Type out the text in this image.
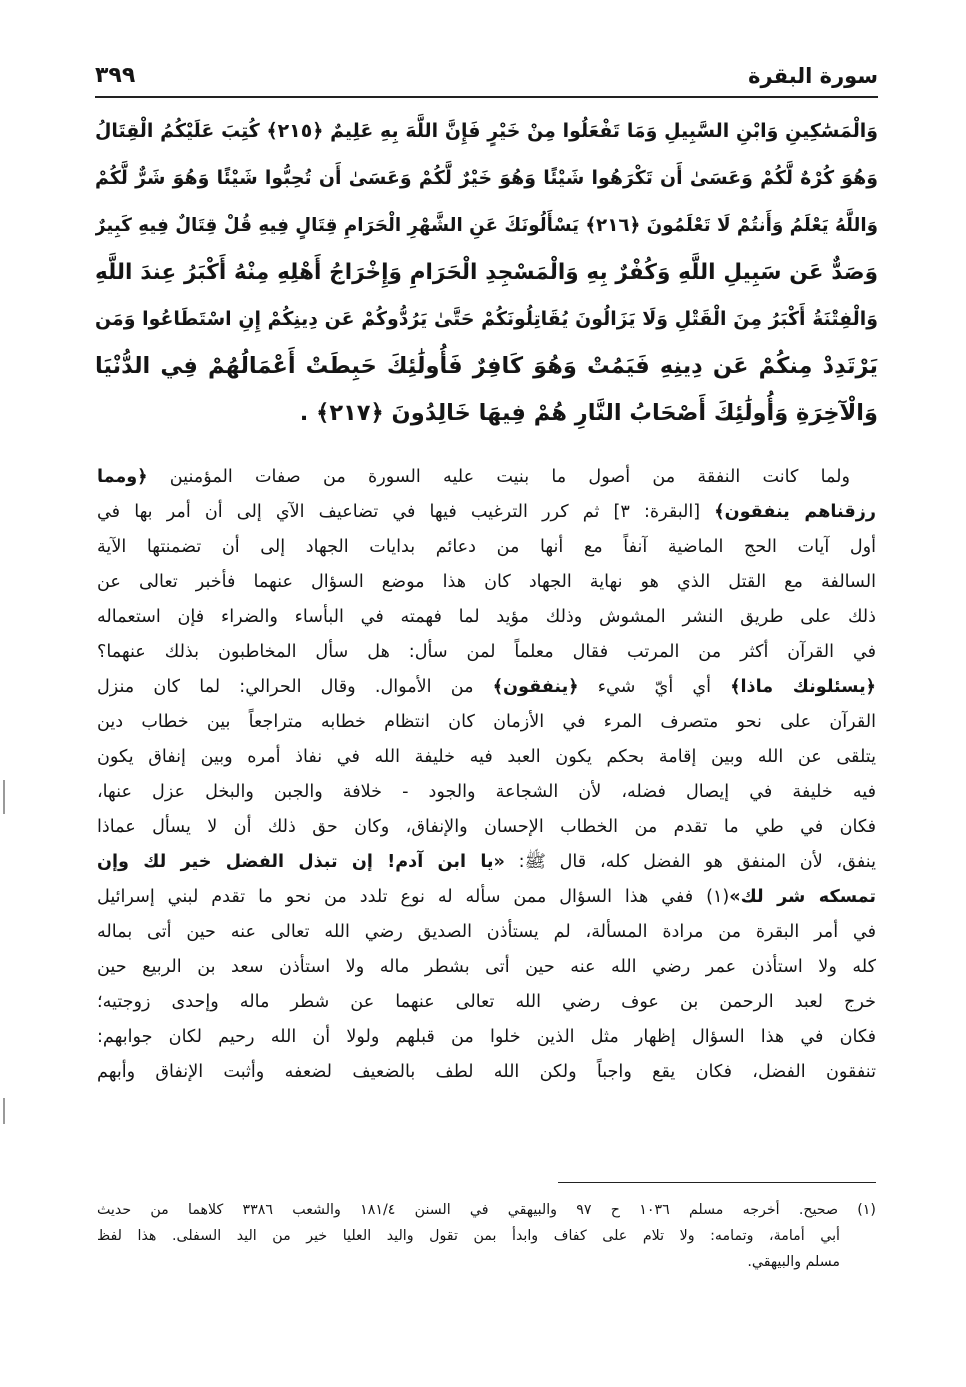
٣٩٩	سورة البقرة
وَالْمَسَٰكِينِ وَابْنِ السَّبِيلِ وَمَا تَفْعَلُوا مِنْ خَيْرٍ فَإِنَّ اللَّهَ بِهِ عَلِيمٌ ﴿٢١٥﴾ كُتِبَ عَلَيْكُمُ الْقِتَالُ
وَهُوَ كُرْهٌ لَّكُمْ وَعَسَىٰ أَن تَكْرَهُوا شَيْئًا وَهُوَ خَيْرٌ لَّكُمْ وَعَسَىٰ أَن تُحِبُّوا شَيْئًا وَهُوَ شَرٌّ لَّكُمْ
وَاللَّهُ يَعْلَمُ وَأَنتُمْ لَا تَعْلَمُونَ ﴿٢١٦﴾ يَسْأَلُونَكَ عَنِ الشَّهْرِ الْحَرَامِ قِتَالٍ فِيهِ قُلْ قِتَالٌ فِيهِ كَبِيرٌ
وَصَدٌّ عَن سَبِيلِ اللَّهِ وَكُفْرٌ بِهِ وَالْمَسْجِدِ الْحَرَامِ وَإِخْرَاجُ أَهْلِهِ مِنْهُ أَكْبَرُ عِندَ اللَّهِ
وَالْفِتْنَةُ أَكْبَرُ مِنَ الْقَتْلِ وَلَا يَزَالُونَ يُقَاتِلُونَكُمْ حَتَّىٰ يَرُدُّوكُمْ عَن دِينِكُمْ إِنِ اسْتَطَاعُوا وَمَن
يَرْتَدِدْ مِنكُمْ عَن دِينِهِ فَيَمُتْ وَهُوَ كَافِرٌ فَأُولَٰئِكَ حَبِطَتْ أَعْمَالُهُمْ فِي الدُّنْيَا
وَالْآخِرَةِ وَأُولَٰئِكَ أَصْحَابُ النَّارِ هُمْ فِيهَا خَالِدُونَ ﴿٢١٧﴾ .
ولما كانت النفقة من أصول ما بنيت عليه السورة من صفات المؤمنين ﴿ومما
رزقناهم ينفقون﴾ [البقرة: ٣] ثم كرر الترغيب فيها في تضاعيف الآي إلى أن أمر بها في
أول آيات الحج الماضية آنفاً مع أنها من دعائم بدايات الجهاد إلى أن تضمنتها الآية
السالفة مع القتل الذي هو نهاية الجهاد كان هذا موضع السؤال عنهما فأخبر تعالى عن
ذلك على طريق النشر المشوش وذلك مؤيد لما فهمته في البأساء والضراء فإن استعماله
في القرآن أكثر من المرتب فقال معلماً لمن سأل: هل سأل المخاطبون بذلك عنهما؟
﴿يسئلونك ماذا﴾ أي أيّ شيء ﴿ينفقون﴾ من الأموال. وقال الحرالي: لما كان منزل
القرآن على نحو متصرف المرء في الأزمان كان انتظام خطابه متراجعاً بين خطاب دين
يتلقى عن الله وبين إقامة بحكم يكون العبد فيه خليفة الله في نفاذ أمره وبين إنفاق يكون
فيه خليفة في إيصال فضله، لأن الشجاعة والجود - خلافة والجبن والبخل عزل عنها،
فكان في طي ما تقدم من الخطاب الإحسان والإنفاق، وكان حق ذلك أن لا يسأل عماذا
ينفق، لأن المنفق هو الفضل كله، قال ﷺ: «يا ابن آدم! إن تبذل الفضل خير لك وإن
تمسكه شر لك»(١) ففي هذا السؤال ممن سأله له نوع تلدد من نحو ما تقدم لبني إسرائيل
في أمر البقرة من مرادة المسألة، لم يستأذن الصديق رضي الله تعالى عنه حين أتى بماله
كله ولا استأذن عمر رضي الله عنه حين أتى بشطر ماله ولا استأذن سعد بن الربيع حين
خرج لعبد الرحمن بن عوف رضي الله تعالى عنهما عن شطر ماله وإحدى زوجتيه؛
فكان في هذا السؤال إظهار مثل الذين خلوا من قبلهم ولولا أن الله رحيم لكان جوابهم:
تنفقون الفضل، فكان يقع واجباً ولكن الله لطف بالضعيف لضعفه وأثبت الإنفاق وأبهم
(١) صحيح. أخرجه مسلم ١٠٣٦ ح ٩٧ والبيهقي في السنن ١٨١/٤ والشعب ٣٣٨٦ كلاهما من حديث
أبي أمامة، وتمامه: ولا تلام على كفاف وابدأ بمن تقول واليد العليا خير من اليد السفلى. هذا لفظ
مسلم والبيهقي.
